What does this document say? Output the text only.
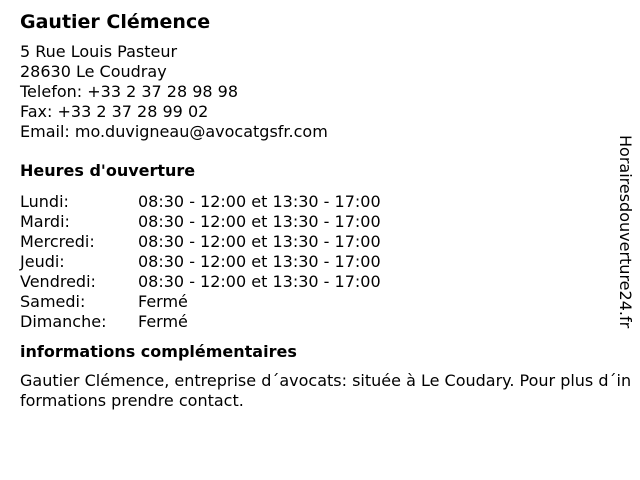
Gautier Clémence
5 Rue Louis Pasteur
28630 Le Coudray
Telefon: +33 2 37 28 98 98
Fax: +33 2 37 28 99 02
Email: mo.duvigneau@avocatgsfr.com
Heures d'ouverture
Lundi:	08:30 - 12:00 et 13:30 - 17:00
Mardi:	08:30 - 12:00 et 13:30 - 17:00
Mercredi:	08:30 - 12:00 et 13:30 - 17:00
Jeudi:	08:30 - 12:00 et 13:30 - 17:00
Vendredi:	08:30 - 12:00 et 13:30 - 17:00
Samedi:	Fermé
Dimanche:	Fermé
informations complémentaires
Gautier Clémence, entreprise d´avocats: située à Le Coudary. Pour plus d´informations prendre contact.
Horairesdouverture24.fr
